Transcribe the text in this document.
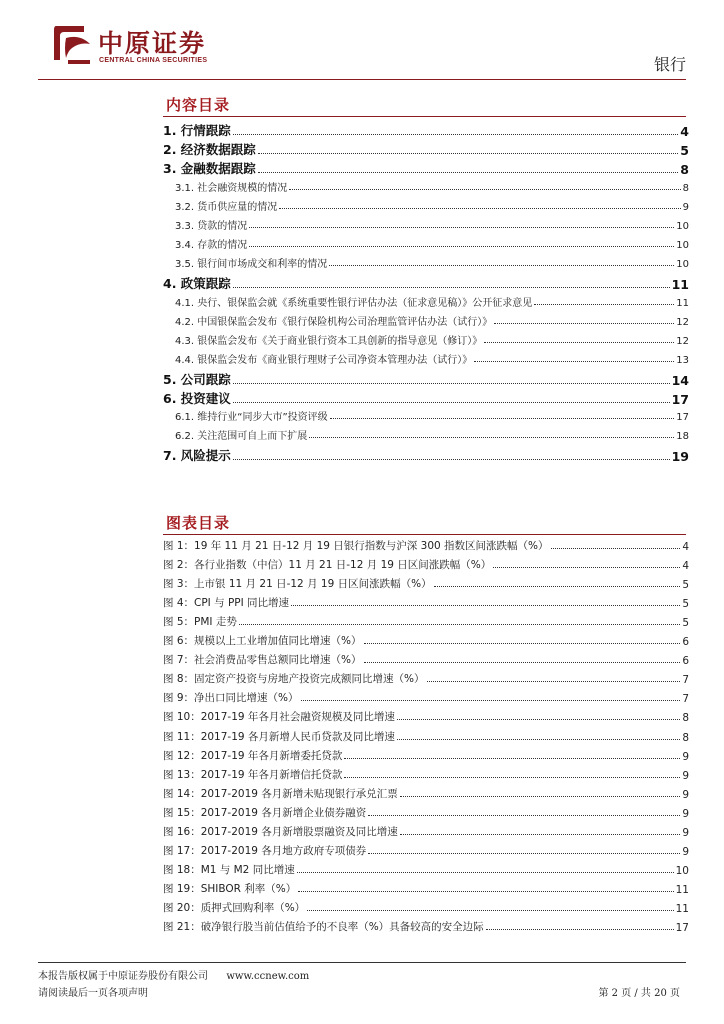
中原证券
CENTRAL CHINA SECURITIES	银行
内容目录
1. 行情跟踪	4
2. 经济数据跟踪	5
3. 金融数据跟踪	8
3.1. 社会融资规模的情况	8
3.2. 货币供应量的情况	9
3.3. 贷款的情况	10
3.4. 存款的情况	10
3.5. 银行间市场成交和利率的情况	10
4. 政策跟踪	11
4.1. 央行、银保监会就《系统重要性银行评估办法（征求意见稿）》公开征求意见	11
4.2. 中国银保监会发布《银行保险机构公司治理监管评估办法（试行）》	12
4.3. 银保监会发布《关于商业银行资本工具创新的指导意见（修订）》	12
4.4. 银保监会发布《商业银行理财子公司净资本管理办法（试行）》	13
5. 公司跟踪	14
6. 投资建议	17
6.1. 维持行业“同步大市”投资评级	17
6.2. 关注范围可自上而下扩展	18
7. 风险提示	19
图表目录
图 1：19 年 11 月 21 日-12 月 19 日银行指数与沪深 300 指数区间涨跌幅（%）	4
图 2：各行业指数（中信）11 月 21 日-12 月 19 日区间涨跌幅（%）	4
图 3：上市银 11 月 21 日-12 月 19 日区间涨跌幅（%）	5
图 4：CPI 与 PPI 同比增速	5
图 5：PMI 走势	5
图 6：规模以上工业增加值同比增速（%）	6
图 7：社会消费品零售总额同比增速（%）	6
图 8：固定资产投资与房地产投资完成额同比增速（%）	7
图 9：净出口同比增速（%）	7
图 10：2017-19 年各月社会融资规模及同比增速	8
图 11：2017-19 各月新增人民币贷款及同比增速	8
图 12：2017-19 年各月新增委托贷款	9
图 13：2017-19 年各月新增信托贷款	9
图 14：2017-2019 各月新增未贴现银行承兑汇票	9
图 15：2017-2019 各月新增企业债券融资	9
图 16：2017-2019 各月新增股票融资及同比增速	9
图 17：2017-2019 各月地方政府专项债券	9
图 18：M1 与 M2 同比增速	10
图 19：SHIBOR 利率（%）	11
图 20：质押式回购利率（%）	11
图 21：破净银行股当前估值给予的不良率（%）具备较高的安全边际	17
本报告版权属于中原证券股份有限公司 www.ccnew.com
请阅读最后一页各项声明	第 2 页 / 共 20 页
